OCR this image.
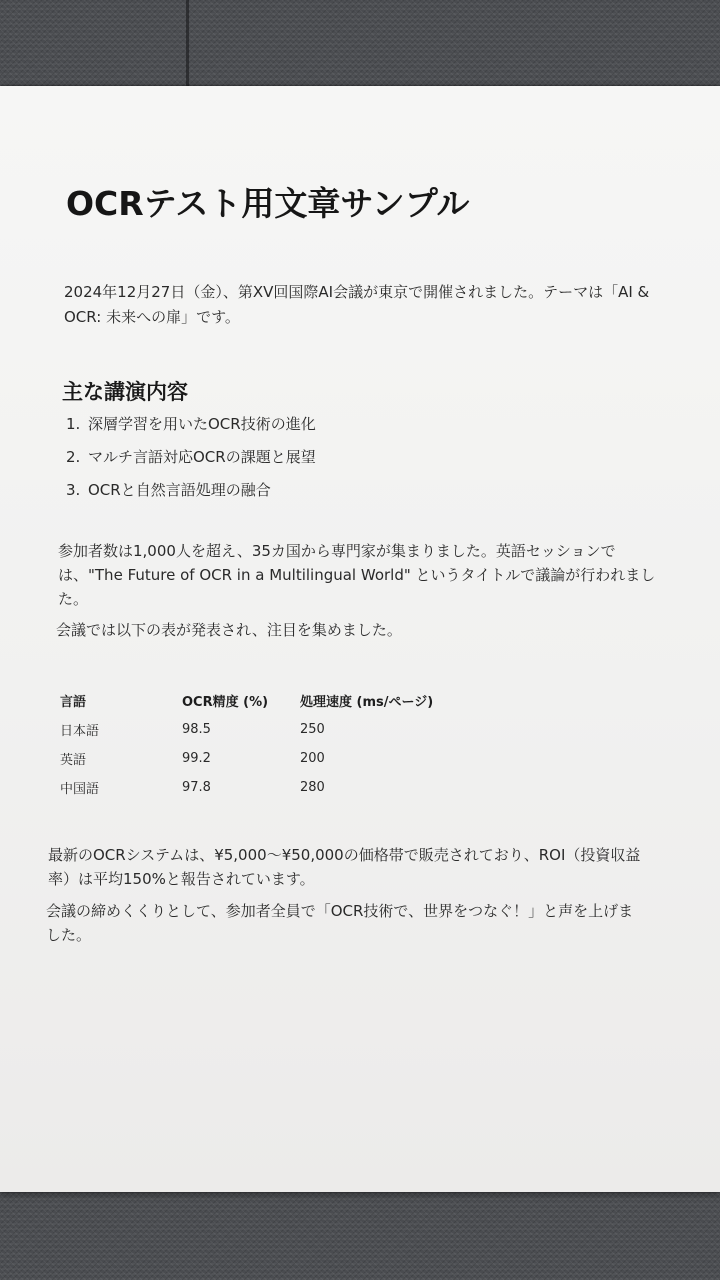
OCRテスト用文章サンプル

2024年12月27日（金）、第XV回国際AI会議が東京で開催されました。テーマは「AI & OCR: 未来への扉」です。

主な講演内容
1. 深層学習を用いたOCR技術の進化
2. マルチ言語対応OCRの課題と展望
3. OCRと自然言語処理の融合

参加者数は1,000人を超え、35カ国から専門家が集まりました。英語セッションでは、"The Future of OCR in a Multilingual World" というタイトルで議論が行われました。

会議では以下の表が発表され、注目を集めました。

言語	OCR精度 (%)	処理速度 (ms/ページ)
日本語	98.5	250
英語	99.2	200
中国語	97.8	280

最新のOCRシステムは、¥5,000〜¥50,000の価格帯で販売されており、ROI（投資収益率）は平均150%と報告されています。

会議の締めくくりとして、参加者全員で「OCR技術で、世界をつなぐ！」と声を上げました。
